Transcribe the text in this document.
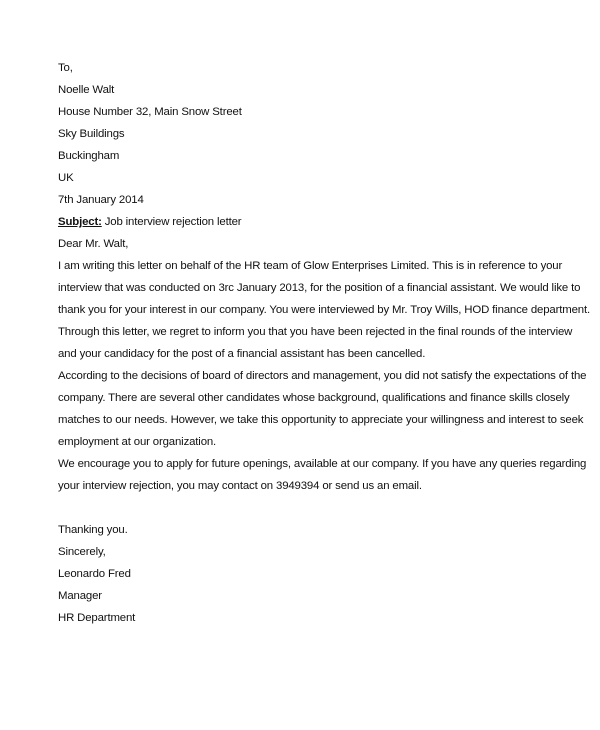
To,
Noelle Walt
House Number 32, Main Snow Street
Sky Buildings
Buckingham
UK
7th January 2014
Subject: Job interview rejection letter
Dear Mr. Walt,
I am writing this letter on behalf of the HR team of Glow Enterprises Limited. This is in reference to your
interview that was conducted on 3rc January 2013, for the position of a financial assistant. We would like to
thank you for your interest in our company. You were interviewed by Mr. Troy Wills, HOD finance department.
Through this letter, we regret to inform you that you have been rejected in the final rounds of the interview
and your candidacy for the post of a financial assistant has been cancelled.
According to the decisions of board of directors and management, you did not satisfy the expectations of the
company. There are several other candidates whose background, qualifications and finance skills closely
matches to our needs. However, we take this opportunity to appreciate your willingness and interest to seek
employment at our organization.
We encourage you to apply for future openings, available at our company. If you have any queries regarding
your interview rejection, you may contact on 3949394 or send us an email.
Thanking you.
Sincerely,
Leonardo Fred
Manager
HR Department
